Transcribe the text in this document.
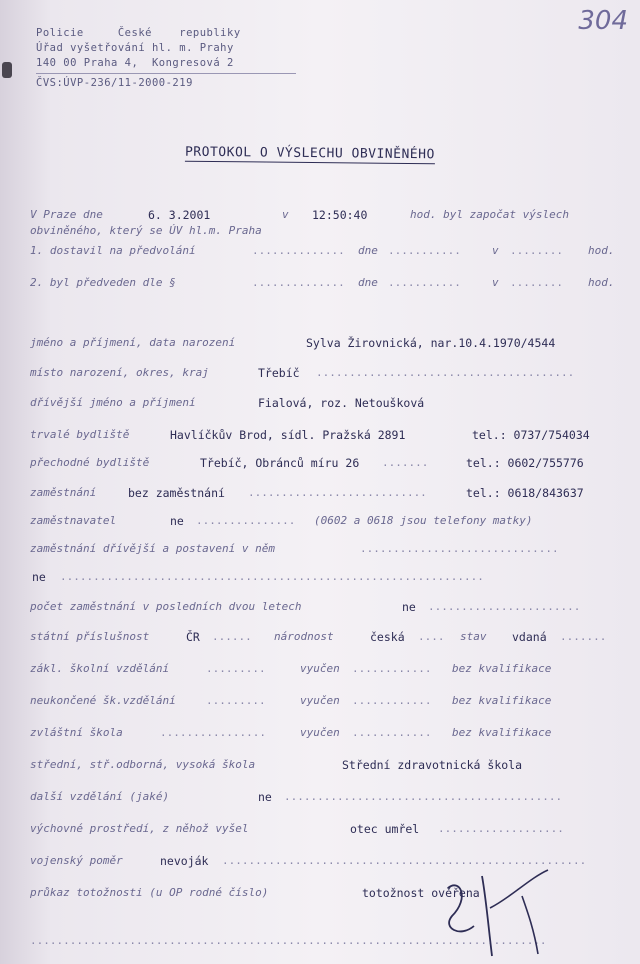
304
Policie     České    republiky
Úřad vyšetřování hl. m. Prahy
140 00 Praha 4,  Kongresová 2
ČVS:ÚVP-236/11-2000-219
PROTOKOL O VÝSLECHU OBVINĚNÉHO
V Praze dne	6. 3.2001	v 12:50:40	hod. byl započat výslech
obviněného, který se ÚV hl.m. Praha
1. dostavil na předvolání	.............. dne ...........	v ........ hod.
2. byl předveden dle §	.............. dne ...........	v ........ hod.
jméno a příjmení, data narození	Sylva Žirovnická, nar.10.4.1970/4544
místo narození, okres, kraj	Třebíč .......................................
dřívější jméno a příjmení	Fialová, roz. Netoušková
trvalé bydliště	Havlíčkův Brod, sídl. Pražská 2891	tel.: 0737/754034
přechodné bydliště	Třebíč, Obránců míru 26 .......	tel.: 0602/755776
zaměstnání	bez zaměstnání ...........................	tel.: 0618/843637
zaměstnavatel	ne ............... (0602 a 0618 jsou telefony matky)
zaměstnání dřívější a postavení v něm	..............................
ne ................................................................
počet zaměstnání v posledních dvou letech	ne .......................
státní příslušnost	ČR ...... národnost	česká .... stav vdaná .......
zákl. školní vzdělání	.........	vyučen ............ bez kvalifikace
neukončené šk.vzdělání	.........	vyučen ............ bez kvalifikace
zvláštní škola	................	vyučen ............ bez kvalifikace
střední, stř.odborná, vysoká škola	Střední zdravotnická škola
další vzdělání (jaké)	ne ..........................................
výchovné prostředí, z něhož vyšel	otec umřel ...................
vojenský poměr	nevoják .......................................................
průkaz totožnosti (u OP rodné číslo)	totožnost ověřena
..............................................................................
